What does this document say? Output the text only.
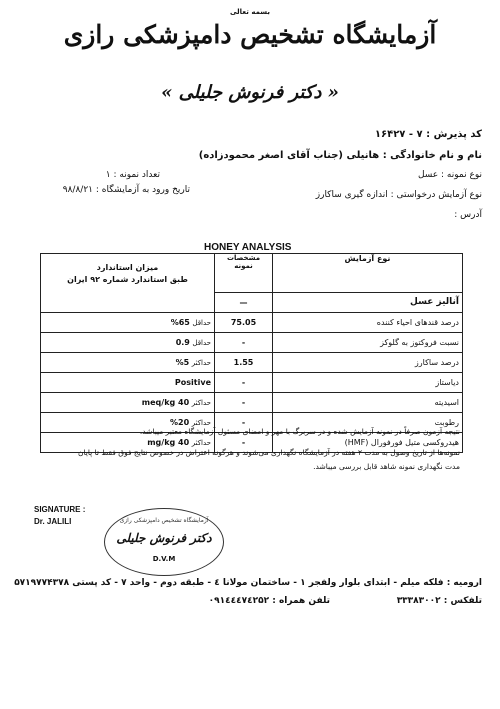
بسمه تعالی
آزمایشگاه تشخیص دامپزشکی رازی
« دکتر فرنوش جلیلی »
کد پذیرش : ۷ - ۱۶۴۲۷
نام و نام خانوادگی : هانیلی (جناب آقای اصغر محمودزاده)
نوع نمونه : عسل
تعداد نمونه : ۱
نوع آزمایش درخواستی : اندازه گیری ساکارز
تاریخ ورود به آزمایشگاه : ۹۸/۸/۲۱
آدرس :
HONEY ANALYSIS
میزان استاندارد
طبق استاندارد شماره ۹۲ ایران	مشخصات نمونه	نوع آزمایش
	—	آنالیز عسل
حداقل 65%	75.05	درصد قندهای احیاء کننده
حداقل 0.9	-	نسبت فروکتوز به گلوکز
حداکثر 5%	1.55	درصد ساکارز
Positive	-	دیاستاز
حداکثر 40 meq/kg	-	اسیدیته
حداکثر 20%	-	رطوبت
حداکثر 40 mg/kg	-	هیدروکسی متیل فورفورال (HMF)
نتیجه آزمون صرفاً در نمونه آزمایش شده و در سربرگ با مهر و امضای مسئول آزمایشگاه معتبر میباشد.
نمونه‌ها از تاریخ وصول به مدت ۲ هفته در آزمایشگاه نگهداری می‌شوند و هرگونه اعتراض در خصوص نتایج فوق فقط تا پایان
مدت نگهداری نمونه شاهد قابل بررسی میباشد.
SIGNATURE :
Dr. JALILI	آزمایشگاه تشخیص دامپزشکی رازی
دکتر فرنوش جلیلی
D.V.M
ارومیه : فلکه میلم - ابتدای بلوار ولفجر ۱ - ساختمان مولانا ٤ - طبقه دوم - واحد ۷ - کد پستی ۵۷۱۹۷۷۴۳۷۸
تلفکس : ۳۳۳۸۳۰۰۲
تلفن همراه : ۰۹۱٤٤٤۷٤۲۵۲
